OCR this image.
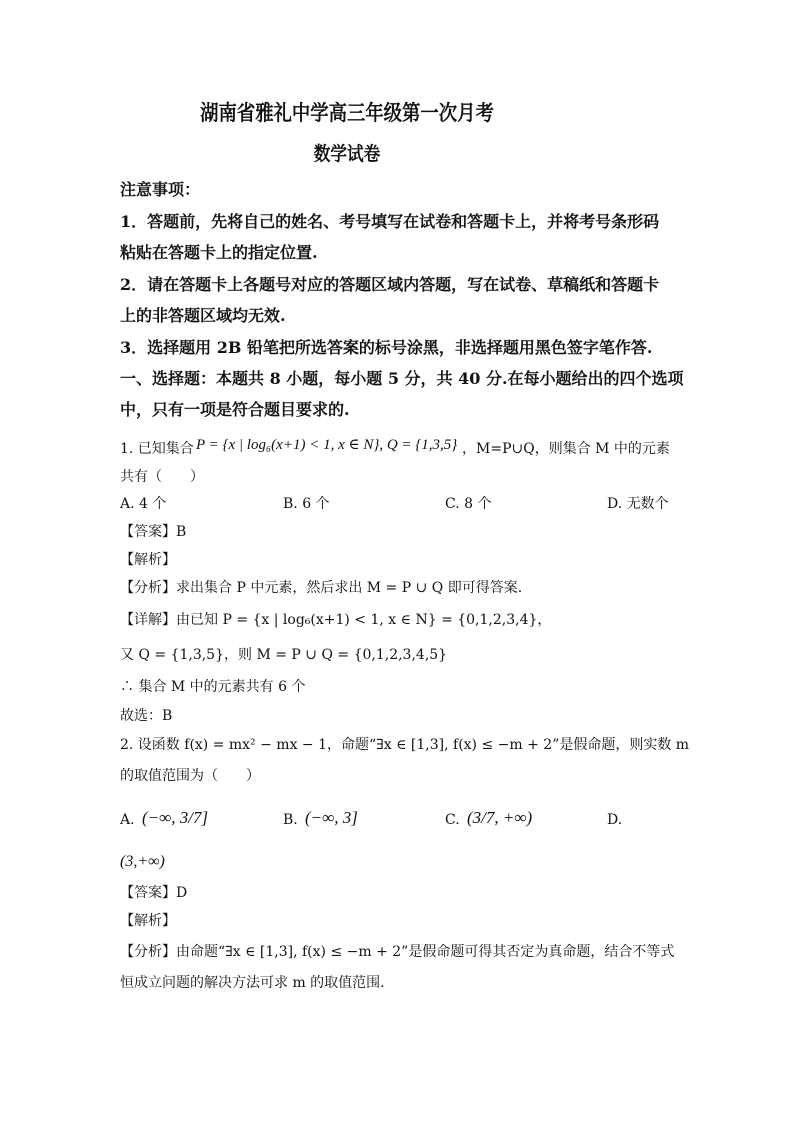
湖南省雅礼中学高三年级第一次月考
数学试卷
注意事项：
1．答题前，先将自己的姓名、考号填写在试卷和答题卡上，并将考号条形码
粘贴在答题卡上的指定位置.
2．请在答题卡上各题号对应的答题区域内答题，写在试卷、草稿纸和答题卡
上的非答题区域均无效.
3．选择题用 2B 铅笔把所选答案的标号涂黑，非选择题用黑色签字笔作答.
一、选择题：本题共 8 小题，每小题 5 分，共 40 分.在每小题给出的四个选项
中，只有一项是符合题目要求的.
1. 已知集合 P = {x | log₆(x+1) < 1, x ∈ N}, Q = {1,3,5} ，M=P∪Q，则集合 M 中的元素
共有（　　）
A. 4 个	B. 6 个	C. 8 个	D. 无数个
【答案】B
【解析】
【分析】 求出集合 P 中元素，然后求出 M = P ∪ Q 即可得答案.
【详解】 由已知 P = {x | log₆(x+1) < 1, x ∈ N} = {0,1,2,3,4}，
又 Q = {1,3,5}，则 M = P ∪ Q = {0,1,2,3,4,5}
∴ 集合 M 中的元素共有 6 个
故选：B
2. 设函数 f(x) = mx² − mx − 1，命题“∃x ∈ [1,3], f(x) ≤ −m + 2”是假命题，则实数 m
的取值范围为（　　）
A. (−∞, 3/7]	B. (−∞, 3]	C. (3/7, +∞)	D.
(3,+∞)
【答案】D
【解析】
【分析】 由命题“∃x ∈ [1,3], f(x) ≤ −m + 2”是假命题可得其否定为真命题，结合不等式
恒成立问题的解决方法可求 m 的取值范围.
